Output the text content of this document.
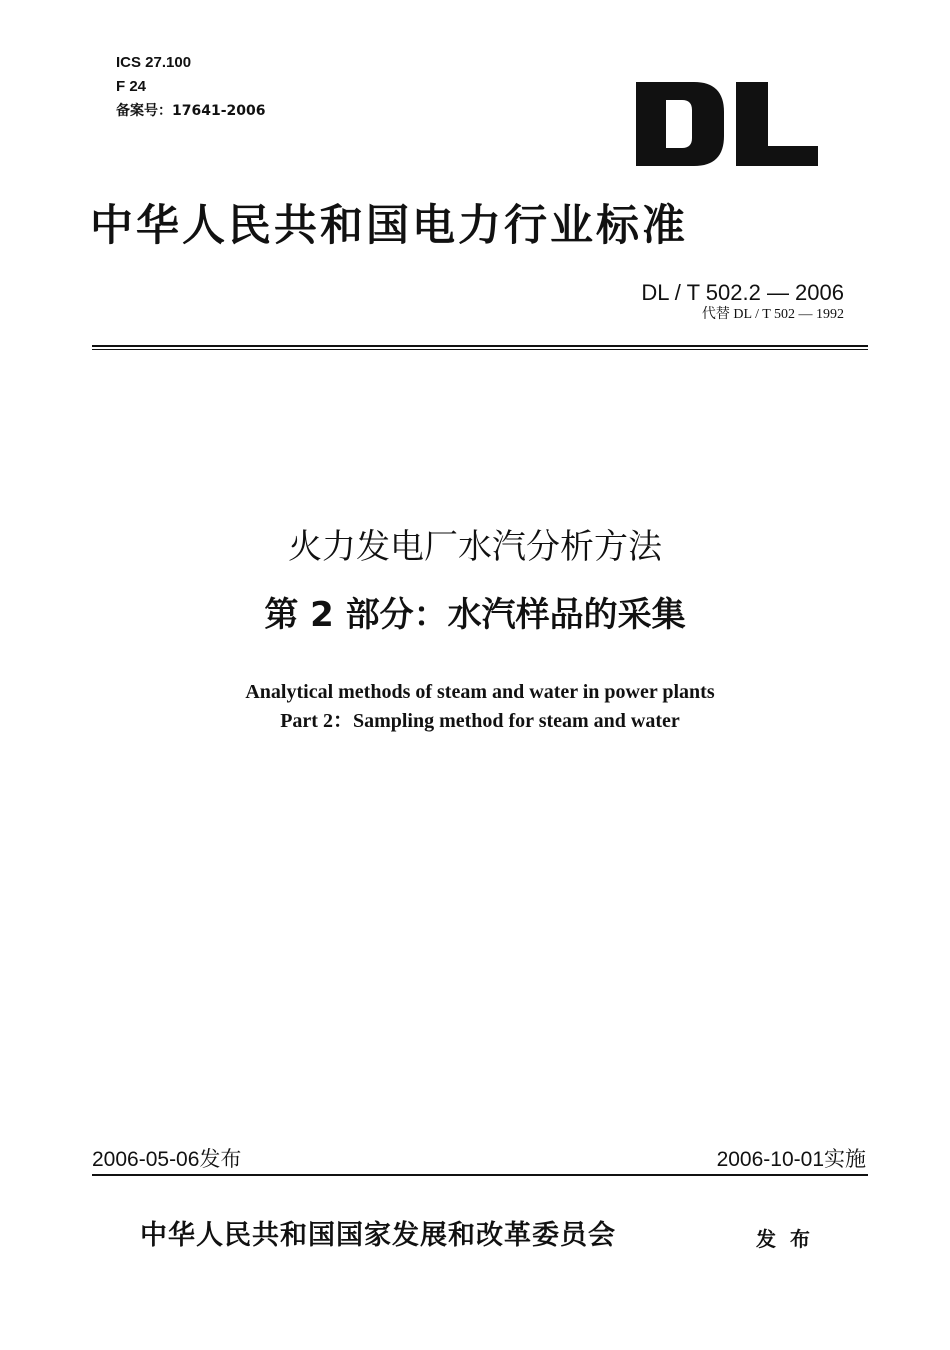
ICS 27.100
F 24
备案号：17641-2006
中华人民共和国电力行业标准
DL / T 502.2 — 2006
代替 DL / T 502 — 1992
火力发电厂水汽分析方法
第 2 部分：水汽样品的采集
Analytical methods of steam and water in power plants
Part 2：Sampling method for steam and water
2006-05-06发布	2006-10-01实施
中华人民共和国国家发展和改革委员会	发布
